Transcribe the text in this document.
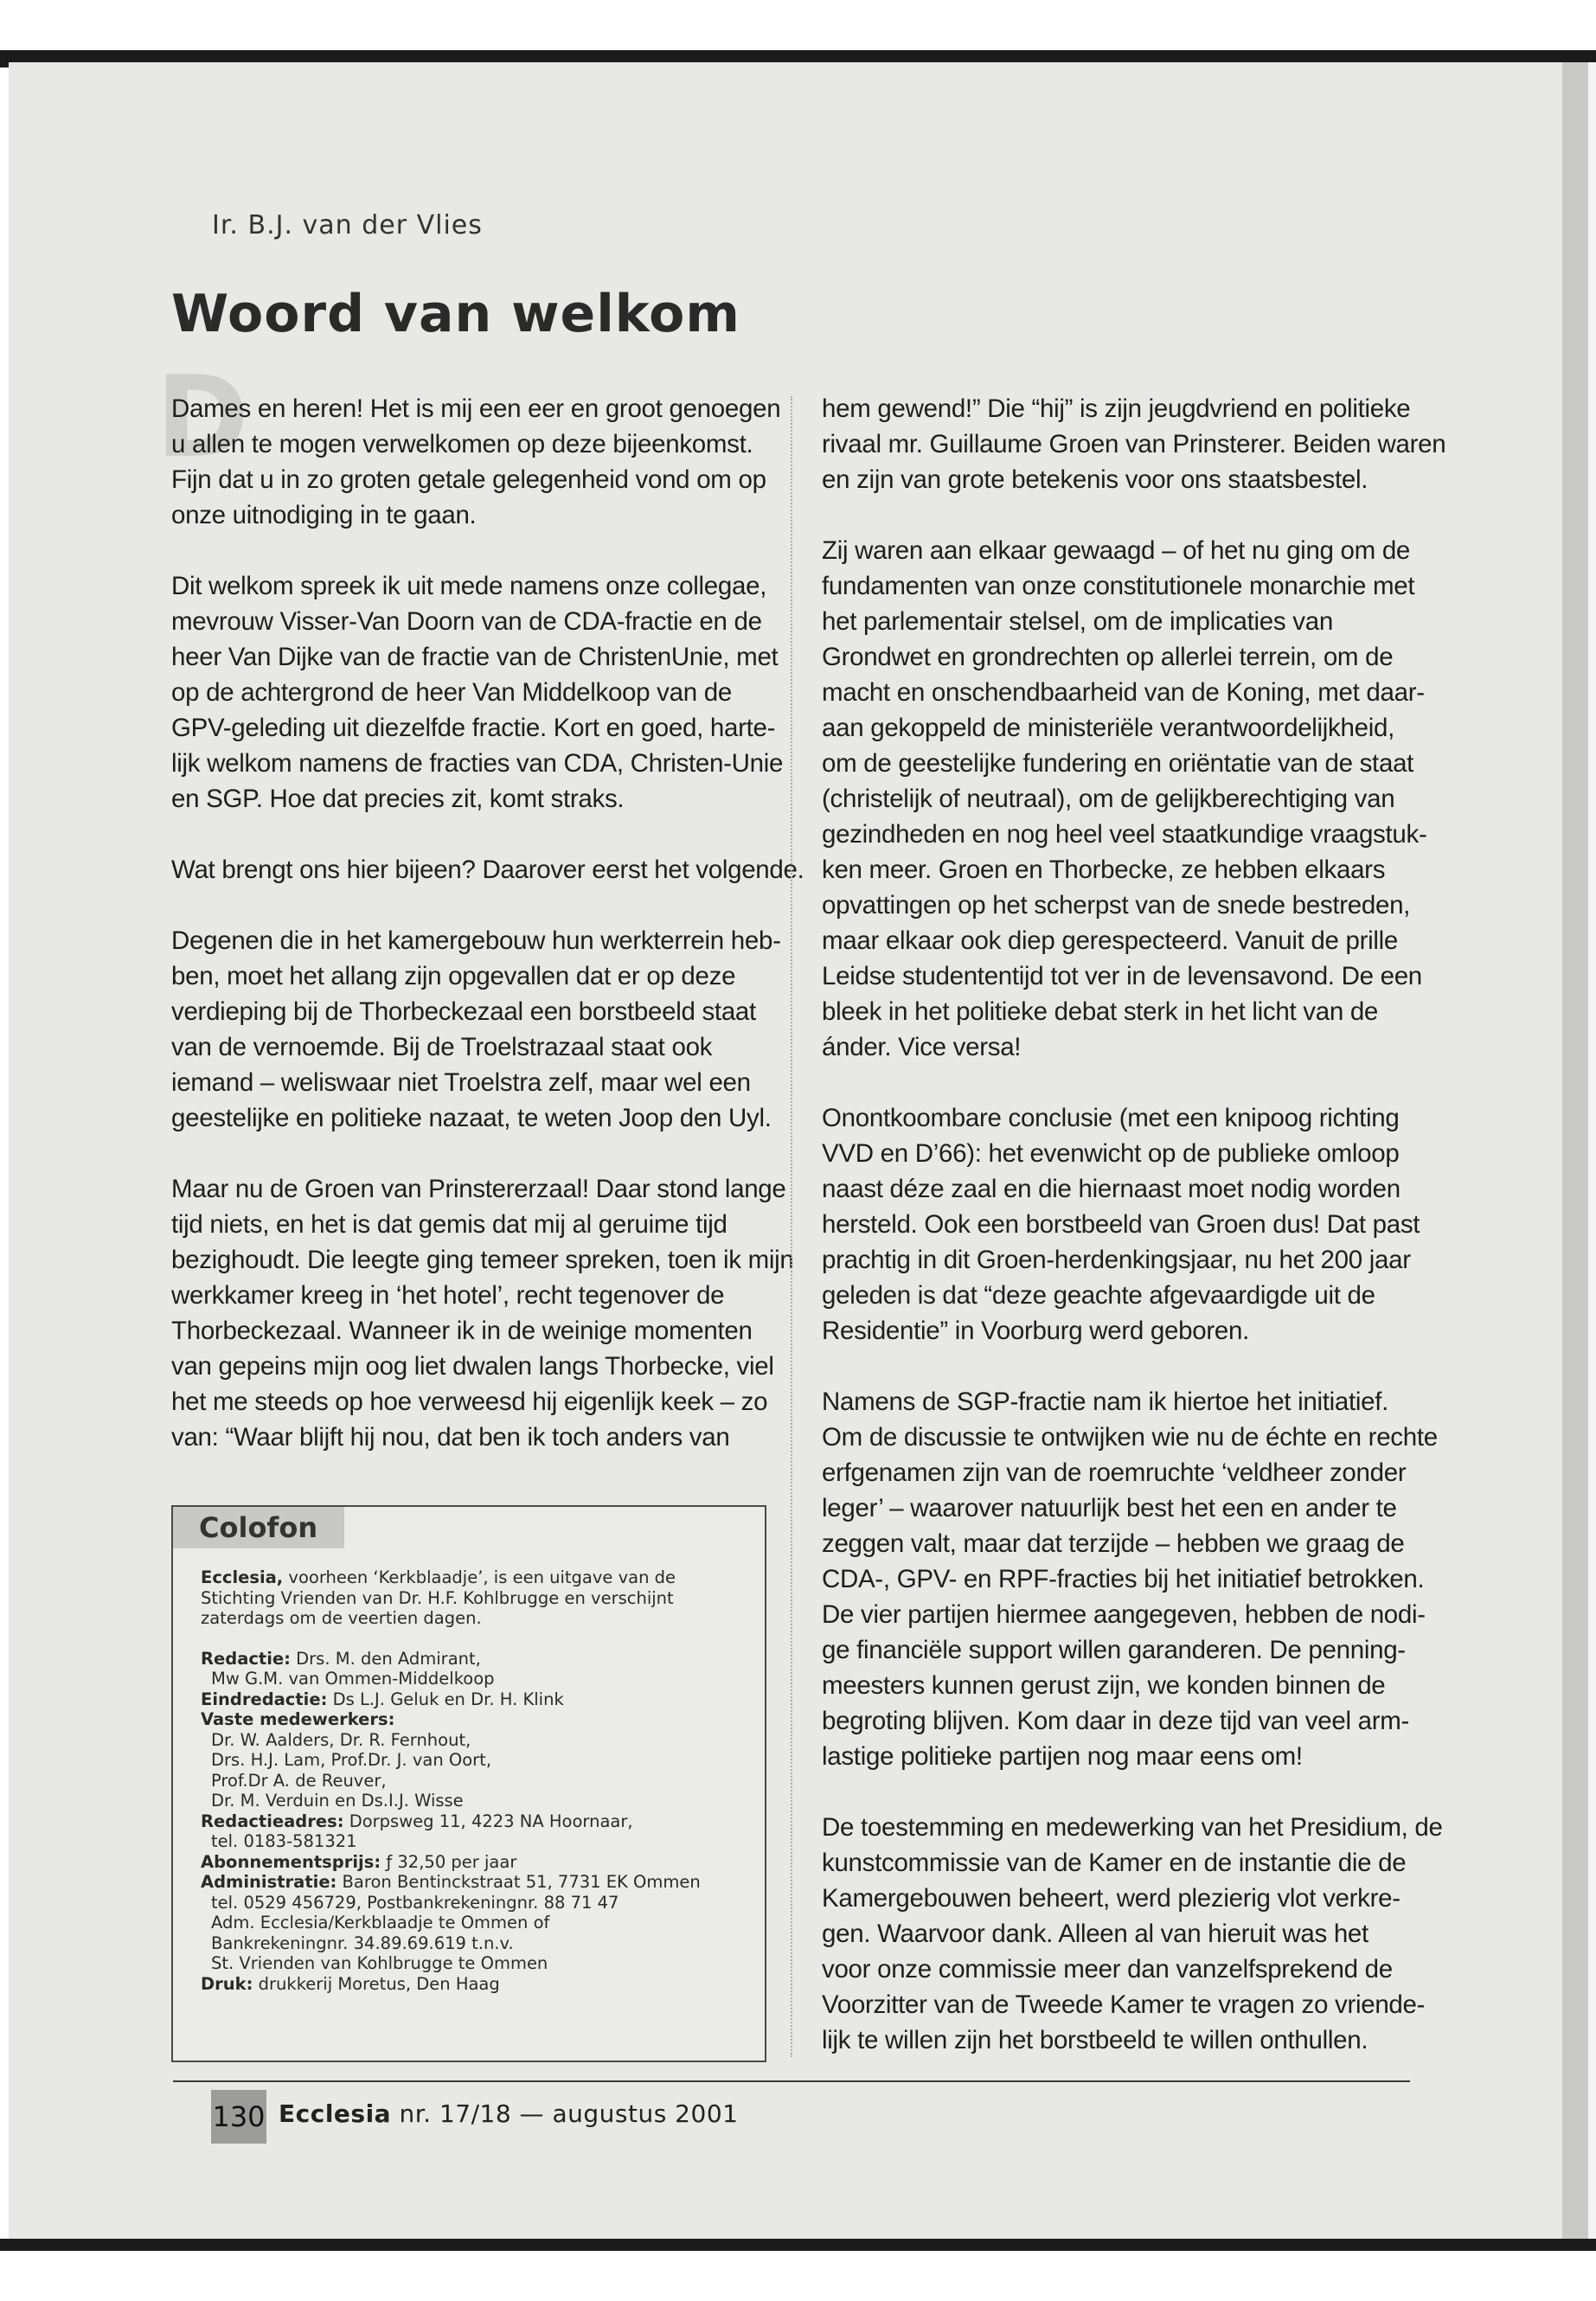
Ir. B.J. van der Vlies
Woord van welkom
D

Dames en heren! Het is mij een eer en groot genoegen
u allen te mogen verwelkomen op deze bijeenkomst.
Fijn dat u in zo groten getale gelegenheid vond om op
onze uitnodiging in te gaan.

Dit welkom spreek ik uit mede namens onze collegae,
mevrouw Visser-Van Doorn van de CDA-fractie en de
heer Van Dijke van de fractie van de ChristenUnie, met
op de achtergrond de heer Van Middelkoop van de
GPV-geleding uit diezelfde fractie. Kort en goed, harte-
lijk welkom namens de fracties van CDA, Christen-Unie
en SGP. Hoe dat precies zit, komt straks.

Wat brengt ons hier bijeen? Daarover eerst het volgende.

Degenen die in het kamergebouw hun werkterrein heb-
ben, moet het allang zijn opgevallen dat er op deze
verdieping bij de Thorbeckezaal een borstbeeld staat
van de vernoemde. Bij de Troelstrazaal staat ook
iemand – weliswaar niet Troelstra zelf, maar wel een
geestelijke en politieke nazaat, te weten Joop den Uyl.

Maar nu de Groen van Prinstererzaal! Daar stond lange
tijd niets, en het is dat gemis dat mij al geruime tijd
bezighoudt. Die leegte ging temeer spreken, toen ik mijn
werkkamer kreeg in ‘het hotel’, recht tegenover de
Thorbeckezaal. Wanneer ik in de weinige momenten
van gepeins mijn oog liet dwalen langs Thorbecke, viel
het me steeds op hoe verweesd hij eigenlijk keek – zo
van: “Waar blijft hij nou, dat ben ik toch anders van

hem gewend!” Die “hij” is zijn jeugdvriend en politieke
rivaal mr. Guillaume Groen van Prinsterer. Beiden waren
en zijn van grote betekenis voor ons staatsbestel.

Zij waren aan elkaar gewaagd – of het nu ging om de
fundamenten van onze constitutionele monarchie met
het parlementair stelsel, om de implicaties van
Grondwet en grondrechten op allerlei terrein, om de
macht en onschendbaarheid van de Koning, met daar-
aan gekoppeld de ministeriële verantwoordelijkheid,
om de geestelijke fundering en oriëntatie van de staat
(christelijk of neutraal), om de gelijkberechtiging van
gezindheden en nog heel veel staatkundige vraagstuk-
ken meer. Groen en Thorbecke, ze hebben elkaars
opvattingen op het scherpst van de snede bestreden,
maar elkaar ook diep gerespecteerd. Vanuit de prille
Leidse studententijd tot ver in de levensavond. De een
bleek in het politieke debat sterk in het licht van de
ánder. Vice versa!

Onontkoombare conclusie (met een knipoog richting
VVD en D’66): het evenwicht op de publieke omloop
naast déze zaal en die hiernaast moet nodig worden
hersteld. Ook een borstbeeld van Groen dus! Dat past
prachtig in dit Groen-herdenkingsjaar, nu het 200 jaar
geleden is dat “deze geachte afgevaardigde uit de
Residentie” in Voorburg werd geboren.

Namens de SGP-fractie nam ik hiertoe het initiatief.
Om de discussie te ontwijken wie nu de échte en rechte
erfgenamen zijn van de roemruchte ‘veldheer zonder
leger’ – waarover natuurlijk best het een en ander te
zeggen valt, maar dat terzijde – hebben we graag de
CDA-, GPV- en RPF-fracties bij het initiatief betrokken.
De vier partijen hiermee aangegeven, hebben de nodi-
ge financiële support willen garanderen. De penning-
meesters kunnen gerust zijn, we konden binnen de
begroting blijven. Kom daar in deze tijd van veel arm-
lastige politieke partijen nog maar eens om!

De toestemming en medewerking van het Presidium, de
kunstcommissie van de Kamer en de instantie die de
Kamergebouwen beheert, werd plezierig vlot verkre-
gen. Waarvoor dank. Alleen al van hieruit was het
voor onze commissie meer dan vanzelfsprekend de
Voorzitter van de Tweede Kamer te vragen zo vriende-
lijk te willen zijn het borstbeeld te willen onthullen.

Colofon
Ecclesia, voorheen ‘Kerkblaadje’, is een uitgave van de
Stichting Vrienden van Dr. H.F. Kohlbrugge en verschijnt
zaterdags om de veertien dagen.
Redactie: Drs. M. den Admirant,
Mw G.M. van Ommen-Middelkoop
Eindredactie: Ds L.J. Geluk en Dr. H. Klink
Vaste medewerkers:
Dr. W. Aalders, Dr. R. Fernhout,
Drs. H.J. Lam, Prof.Dr. J. van Oort,
Prof.Dr A. de Reuver,
Dr. M. Verduin en Ds.I.J. Wisse
Redactieadres: Dorpsweg 11, 4223 NA Hoornaar,
tel. 0183-581321
Abonnementsprijs: ƒ 32,50 per jaar
Administratie: Baron Bentinckstraat 51, 7731 EK Ommen
tel. 0529 456729, Postbankrekeningnr. 88 71 47
Adm. Ecclesia/Kerkblaadje te Ommen of
Bankrekeningnr. 34.89.69.619 t.n.v.
St. Vrienden van Kohlbrugge te Ommen
Druk: drukkerij Moretus, Den Haag
130 Ecclesia nr. 17/18 — augustus 2001
